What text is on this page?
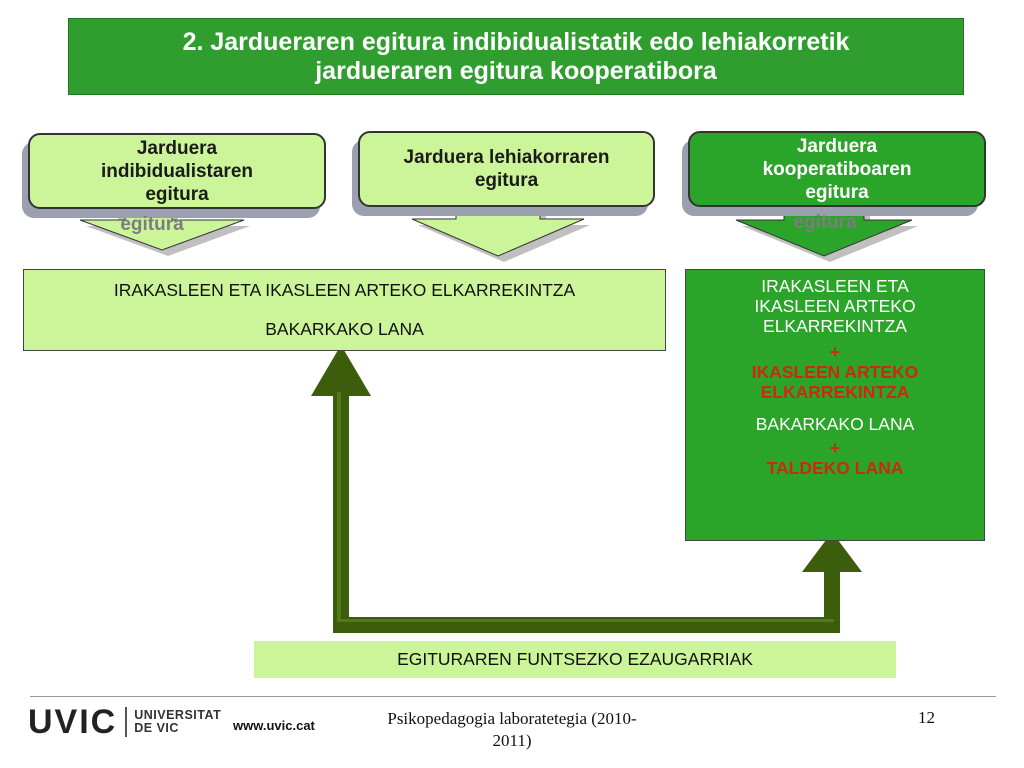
2. Jardueraren egitura indibidualistatik edo lehiakorretik
jardueraren egitura kooperatibora
egitura
Jarduera
indibidualistaren
egitura
Jarduera lehiakorraren
egitura
egitura
Jarduera
kooperatiboaren
egitura
IRAKASLEEN ETA IKASLEEN ARTEKO ELKARREKINTZA
BAKARKAKO LANA
IRAKASLEEN ETA
IKASLEEN ARTEKO
ELKARREKINTZA
+
IKASLEEN ARTEKO
ELKARREKINTZA
BAKARKAKO LANA
+
TALDEKO LANA
EGITURAREN FUNTSEZKO EZAUGARRIAK
UVIC UNIVERSITAT
DE VIC	www.uvic.cat	Psikopedagogia laboratetegia (2010-
2011)
12
